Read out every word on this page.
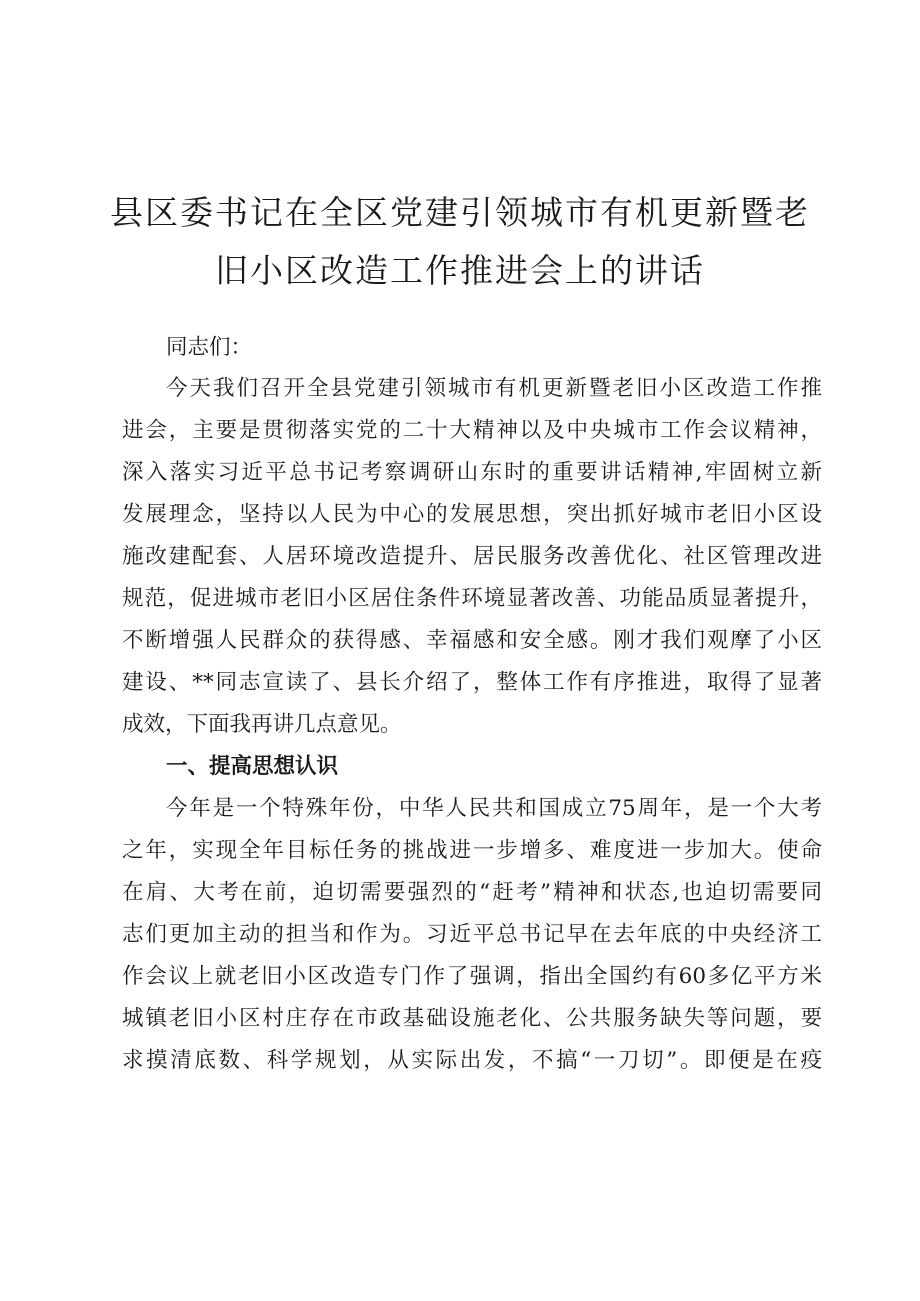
县区委书记在全区党建引领城市有机更新暨老
旧小区改造工作推进会上的讲话
同志们：
今天我们召开全县党建引领城市有机更新暨老旧小区改造工作推
进会，主要是贯彻落实党的二十大精神以及中央城市工作会议精神，
深入落实习近平总书记考察调研山东时的重要讲话精神,牢固树立新
发展理念，坚持以人民为中心的发展思想，突出抓好城市老旧小区设
施改建配套、人居环境改造提升、居民服务改善优化、社区管理改进
规范，促进城市老旧小区居住条件环境显著改善、功能品质显著提升，
不断增强人民群众的获得感、幸福感和安全感。刚才我们观摩了小区
建设、**同志宣读了、县长介绍了，整体工作有序推进，取得了显著
成效，下面我再讲几点意见。
一、提高思想认识
今年是一个特殊年份，中华人民共和国成立75周年，是一个大考
之年，实现全年目标任务的挑战进一步增多、难度进一步加大。使命
在肩、大考在前，迫切需要强烈的“赶考”精神和状态,也迫切需要同
志们更加主动的担当和作为。习近平总书记早在去年底的中央经济工
作会议上就老旧小区改造专门作了强调，指出全国约有60多亿平方米
城镇老旧小区村庄存在市政基础设施老化、公共服务缺失等问题，要
求摸清底数、科学规划，从实际出发，不搞“一刀切”。即便是在疫
